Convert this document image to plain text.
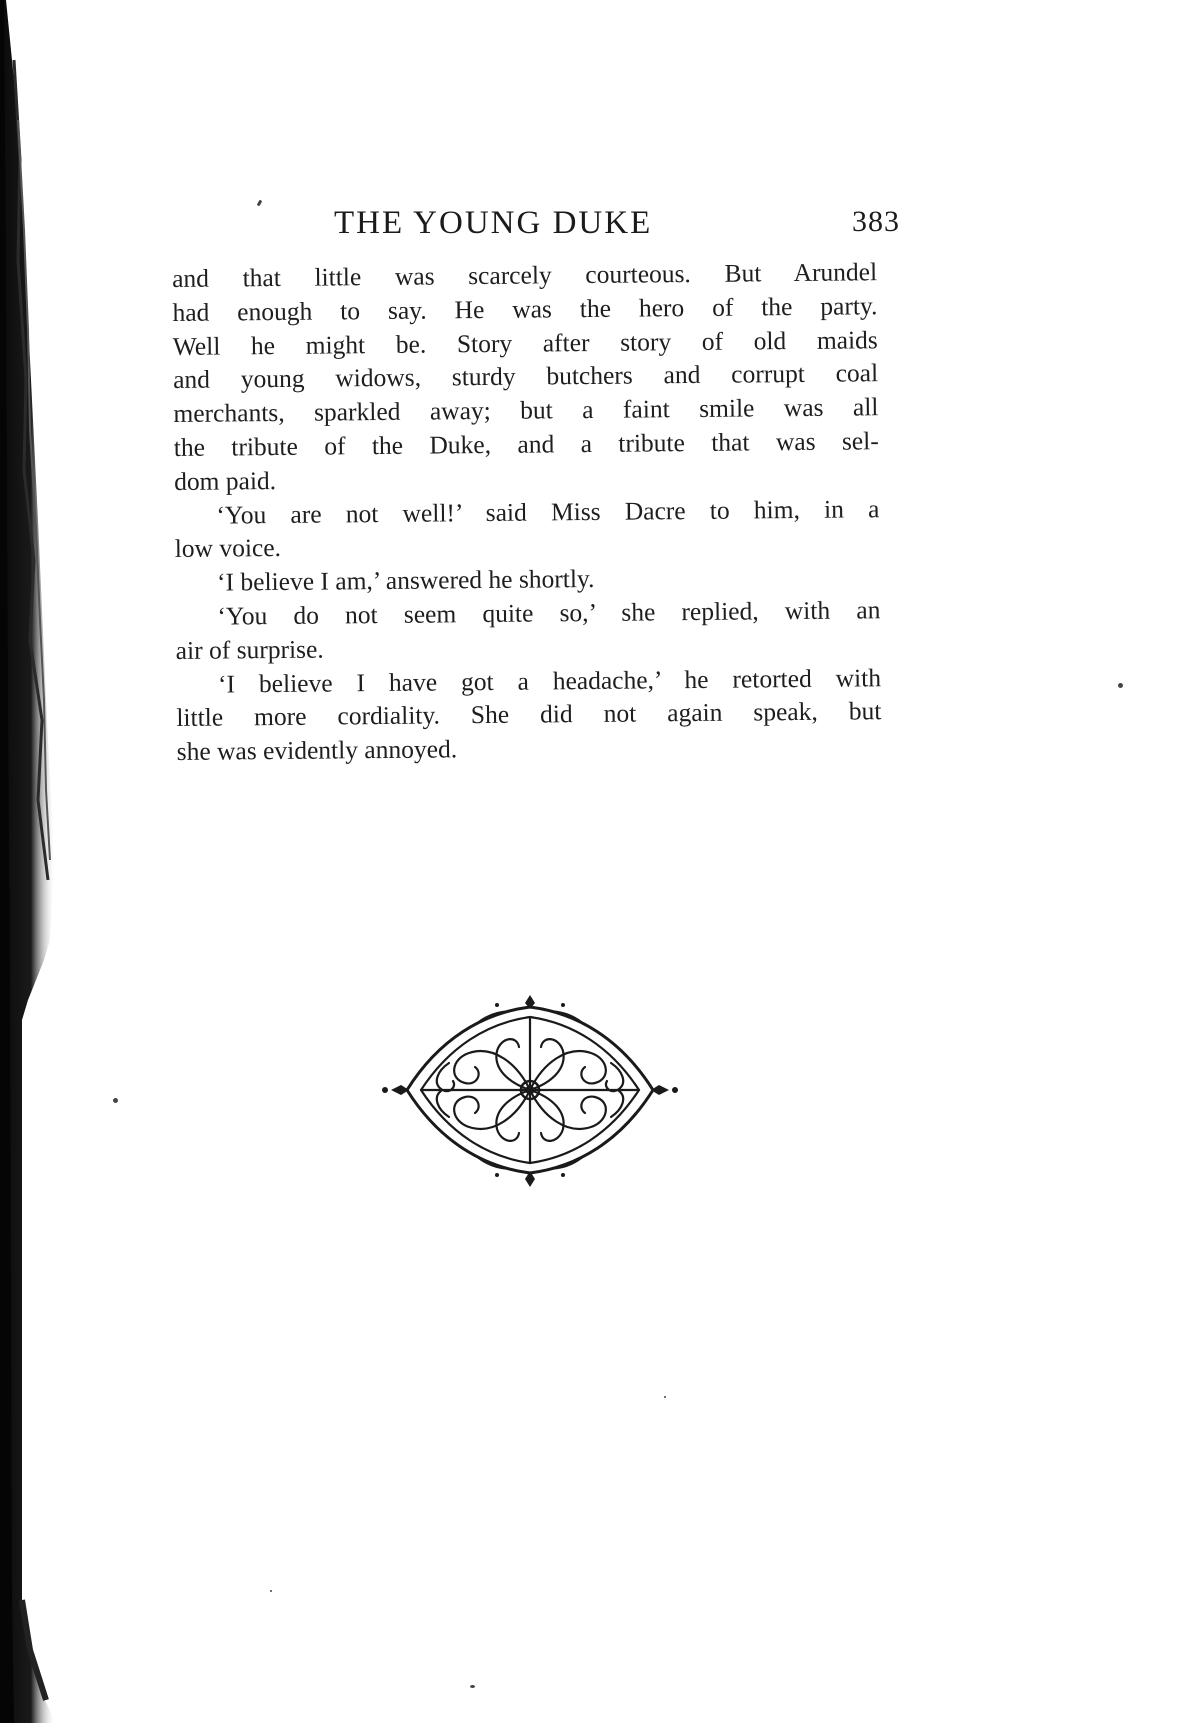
THE YOUNG DUKE	383
and that little was scarcely courteous. But Arundel
had enough to say. He was the hero of the party.
Well he might be. Story after story of old maids
and young widows, sturdy butchers and corrupt coal
merchants, sparkled away; but a faint smile was all
the tribute of the Duke, and a tribute that was sel-
dom paid.
‘You are not well!’ said Miss Dacre to him, in a
low voice.
‘I believe I am,’ answered he shortly.
‘You do not seem quite so,’ she replied, with an
air of surprise.
‘I believe I have got a headache,’ he retorted with
little more cordiality. She did not again speak, but
she was evidently annoyed.
